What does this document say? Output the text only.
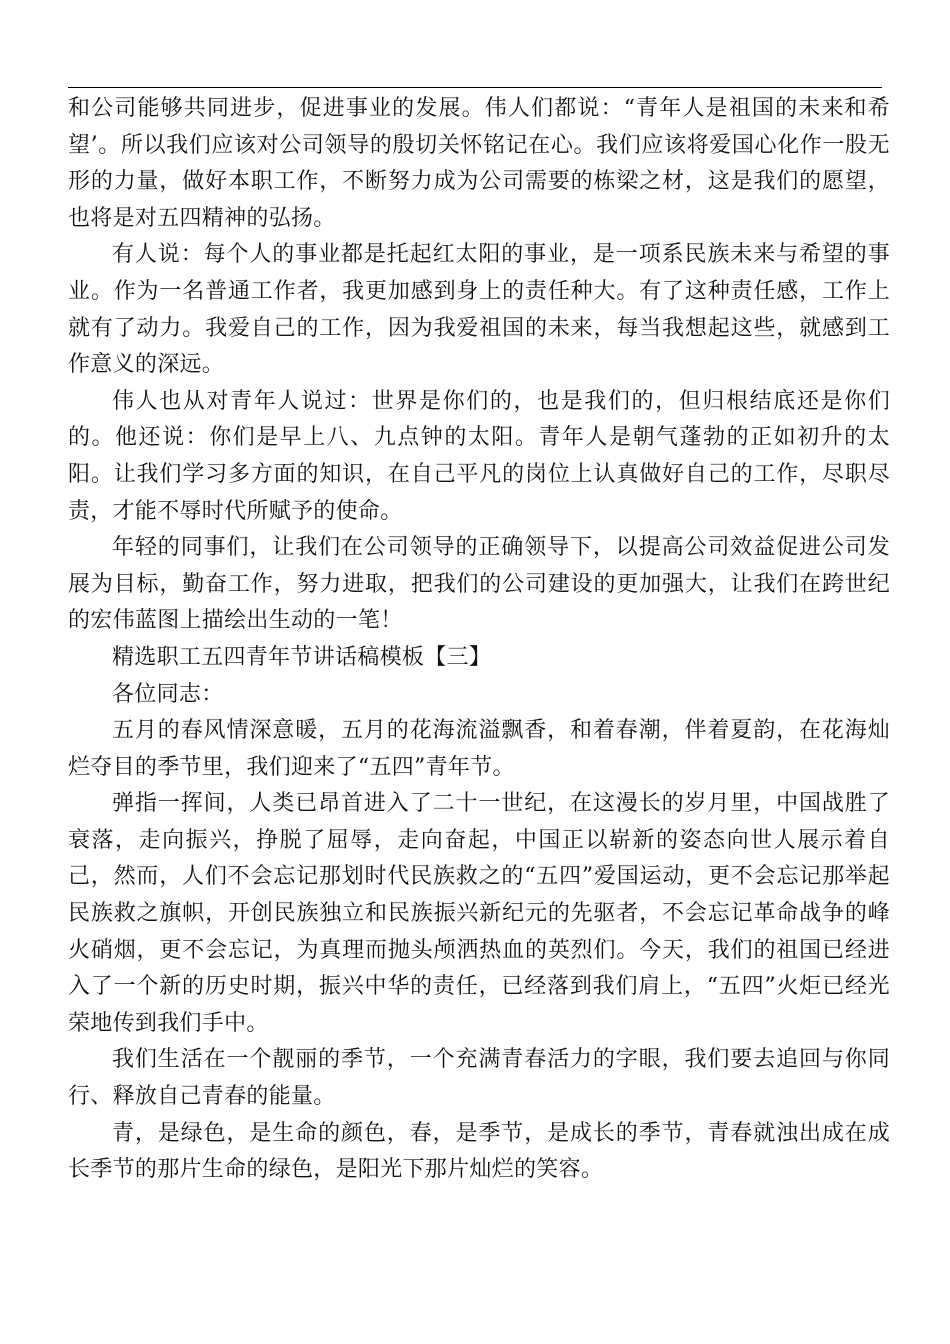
和公司能够共同进步，促进事业的发展。伟人们都说：“青年人是祖国的未来和希望’。所以我们应该对公司领导的殷切关怀铭记在心。我们应该将爱国心化作一股无形的力量，做好本职工作，不断努力成为公司需要的栋梁之材，这是我们的愿望，也将是对五四精神的弘扬。

有人说：每个人的事业都是托起红太阳的事业，是一项系民族未来与希望的事业。作为一名普通工作者，我更加感到身上的责任种大。有了这种责任感，工作上就有了动力。我爱自己的工作，因为我爱祖国的未来，每当我想起这些，就感到工作意义的深远。

伟人也从对青年人说过：世界是你们的，也是我们的，但归根结底还是你们的。他还说：你们是早上八、九点钟的太阳。青年人是朝气蓬勃的正如初升的太阳。让我们学习多方面的知识，在自己平凡的岗位上认真做好自己的工作，尽职尽责，才能不辱时代所赋予的使命。

年轻的同事们，让我们在公司领导的正确领导下，以提高公司效益促进公司发展为目标，勤奋工作，努力进取，把我们的公司建设的更加强大，让我们在跨世纪的宏伟蓝图上描绘出生动的一笔！

精选职工五四青年节讲话稿模板【三】

各位同志：

五月的春风情深意暖，五月的花海流溢飘香，和着春潮，伴着夏韵，在花海灿烂夺目的季节里，我们迎来了“五四”青年节。

弹指一挥间，人类已昂首进入了二十一世纪，在这漫长的岁月里，中国战胜了衰落，走向振兴，挣脱了屈辱，走向奋起，中国正以崭新的姿态向世人展示着自己，然而，人们不会忘记那划时代民族救之的“五四”爱国运动，更不会忘记那举起民族救之旗帜，开创民族独立和民族振兴新纪元的先驱者，不会忘记革命战争的峰火硝烟，更不会忘记，为真理而抛头颅洒热血的英烈们。今天，我们的祖国已经进入了一个新的历史时期，振兴中华的责任，已经落到我们肩上，“五四”火炬已经光荣地传到我们手中。

我们生活在一个靓丽的季节，一个充满青春活力的字眼，我们要去追回与你同行、释放自己青春的能量。

青，是绿色，是生命的颜色，春，是季节，是成长的季节，青春就浊出成在成长季节的那片生命的绿色，是阳光下那片灿烂的笑容。
